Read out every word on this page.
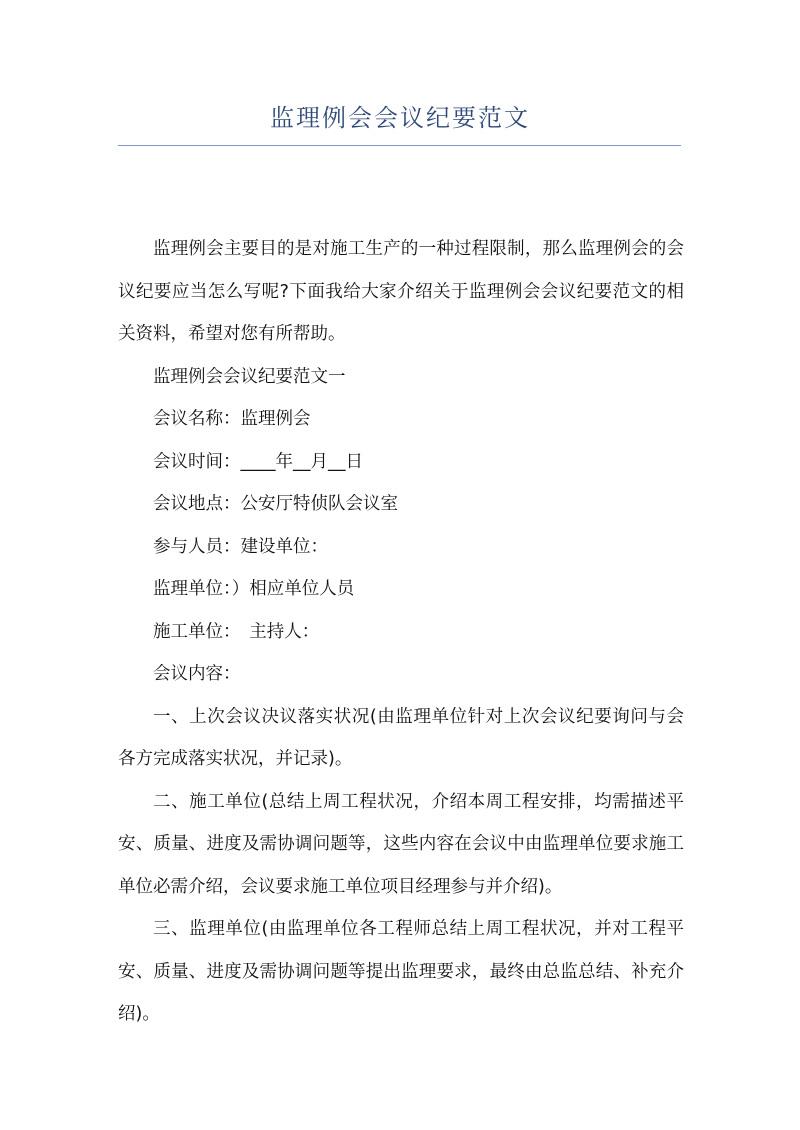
监理例会会议纪要范文

监理例会主要目的是对施工生产的一种过程限制，那么监理例会的会议纪要应当怎么写呢?下面我给大家介绍关于监理例会会议纪要范文的相关资料，希望对您有所帮助。

监理例会会议纪要范文一

会议名称：监理例会

会议时间：____年__月__日

会议地点：公安厅特侦队会议室

参与人员：建设单位：

监理单位：）相应单位人员

施工单位：　主持人：

会议内容：

一、上次会议决议落实状况(由监理单位针对上次会议纪要询问与会各方完成落实状况，并记录)。

二、施工单位(总结上周工程状况，介绍本周工程安排，均需描述平安、质量、进度及需协调问题等，这些内容在会议中由监理单位要求施工单位必需介绍，会议要求施工单位项目经理参与并介绍)。

三、监理单位(由监理单位各工程师总结上周工程状况，并对工程平安、质量、进度及需协调问题等提出监理要求，最终由总监总结、补充介绍)。
